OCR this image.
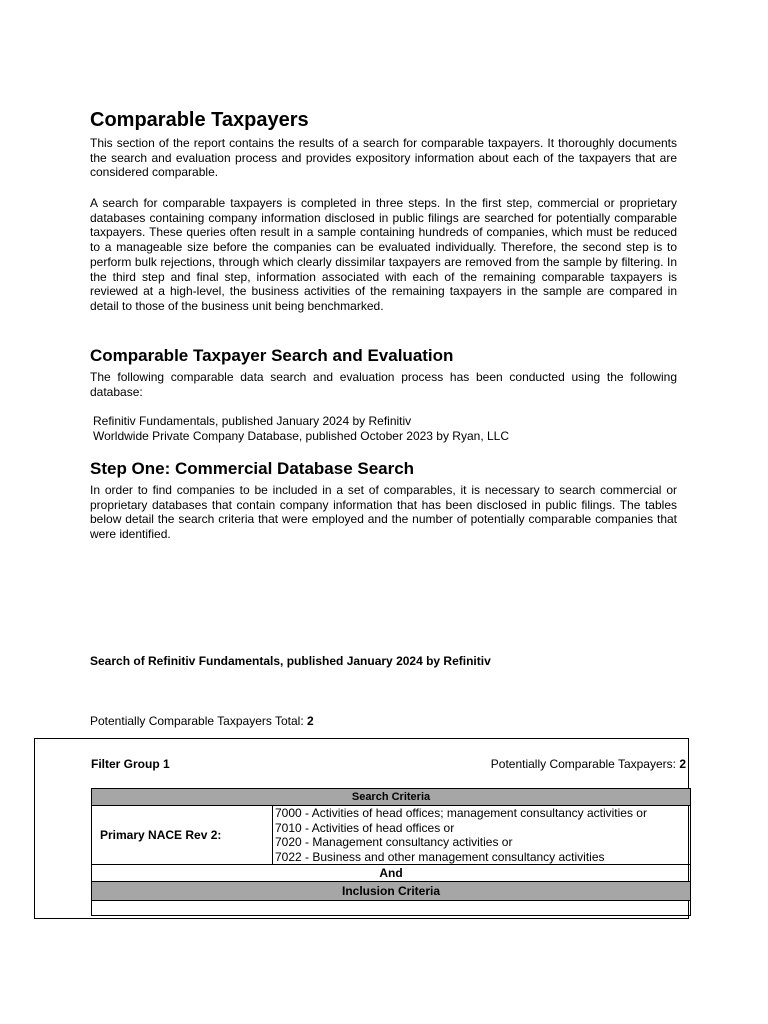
Comparable Taxpayers

This section of the report contains the results of a search for comparable taxpayers. It thoroughly documents the search and evaluation process and provides expository information about each of the taxpayers that are considered comparable.

A search for comparable taxpayers is completed in three steps. In the first step, commercial or proprietary databases containing company information disclosed in public filings are searched for potentially comparable taxpayers. These queries often result in a sample containing hundreds of companies, which must be reduced to a manageable size before the companies can be evaluated individually. Therefore, the second step is to perform bulk rejections, through which clearly dissimilar taxpayers are removed from the sample by filtering. In the third step and final step, information associated with each of the remaining comparable taxpayers is reviewed at a high-level, the business activities of the remaining taxpayers in the sample are compared in detail to those of the business unit being benchmarked.

Comparable Taxpayer Search and Evaluation

The following comparable data search and evaluation process has been conducted using the following database:

Refinitiv Fundamentals, published January 2024 by Refinitiv
Worldwide Private Company Database, published October 2023 by Ryan, LLC
Step One: Commercial Database Search

In order to find companies to be included in a set of comparables, it is necessary to search commercial or proprietary databases that contain company information that has been disclosed in public filings. The tables below detail the search criteria that were employed and the number of potentially comparable companies that were identified.

Search of Refinitiv Fundamentals, published January 2024 by Refinitiv
Potentially Comparable Taxpayers Total: 2
Filter Group 1	Potentially Comparable Taxpayers: 2
Search Criteria
Primary NACE Rev 2:	
7000 - Activities of head offices; management consultancy activities or
7010 - Activities of head offices or
7020 - Management consultancy activities or
7022 - Business and other management consultancy activities

And
Inclusion Criteria
